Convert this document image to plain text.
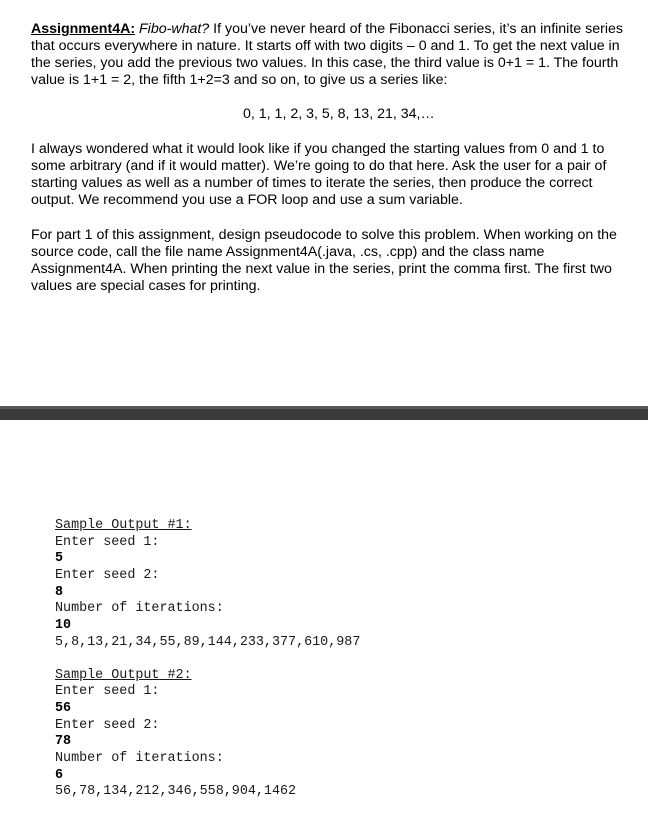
Assignment4A: Fibo-what? If you’ve never heard of the Fibonacci series, it’s an infinite series

that occurs everywhere in nature. It starts off with two digits – 0 and 1. To get the next value in

the series, you add the previous two values. In this case, the third value is 0+1 = 1. The fourth

value is 1+1 = 2, the fifth 1+2=3 and so on, to give us a series like:

0, 1, 1, 2, 3, 5, 8, 13, 21, 34,…

I always wondered what it would look like if you changed the starting values from 0 and 1 to

some arbitrary (and if it would matter). We’re going to do that here. Ask the user for a pair of

starting values as well as a number of times to iterate the series, then produce the correct

output. We recommend you use a FOR loop and use a sum variable.

For part 1 of this assignment, design pseudocode to solve this problem. When working on the

source code, call the file name Assignment4A(.java, .cs, .cpp) and the class name

Assignment4A. When printing the next value in the series, print the comma first. The first two

values are special cases for printing.

Sample Output #1:
Enter seed 1:
5
Enter seed 2:
8
Number of iterations:
10
5,8,13,21,34,55,89,144,233,377,610,987
Sample Output #2:
Enter seed 1:
56
Enter seed 2:
78
Number of iterations:
6
56,78,134,212,346,558,904,1462
